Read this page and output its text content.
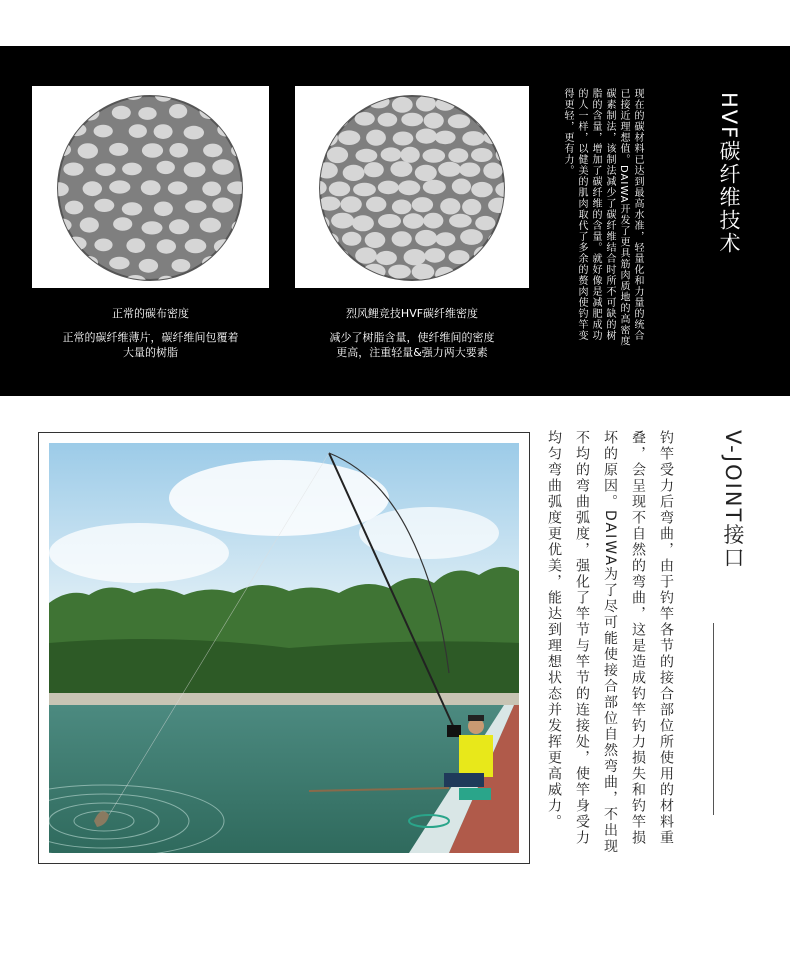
正常的碳布密度
正常的碳纤维薄片，碳纤维间包覆着
大量的树脂
烈风鲤竞技HVF碳纤维密度
减少了树脂含量，使纤维间的密度
更高，注重轻量&强力两大要素
HVF碳纤维技术
现在的碳材料已达到最高水准，轻量化和力量的统合已接近理想值。DAIWA开发了更具筋肉质地的高密度碳素制法，该制法减少了碳纤维结合时所不可缺的树脂的含量，增加了碳纤维的含量。就好像是减肥成功的人一样，以健美的肌肉取代了多余的赘肉使钓竿变得更轻，更有力。
V-JOINT接口
钓竿受力后弯曲，由于钓竿各节的接合部位所使用的材料重叠，会呈现不自然的弯曲，这是造成钓竿钓力损失和钓竿损坏的原因。DAIWA为了尽可能使接合部位自然弯曲，不出现不均的弯曲弧度，强化了竿节与竿节的连接处，使竿身受力均匀弯曲弧度更优美，能达到理想状态并发挥更高威力。
